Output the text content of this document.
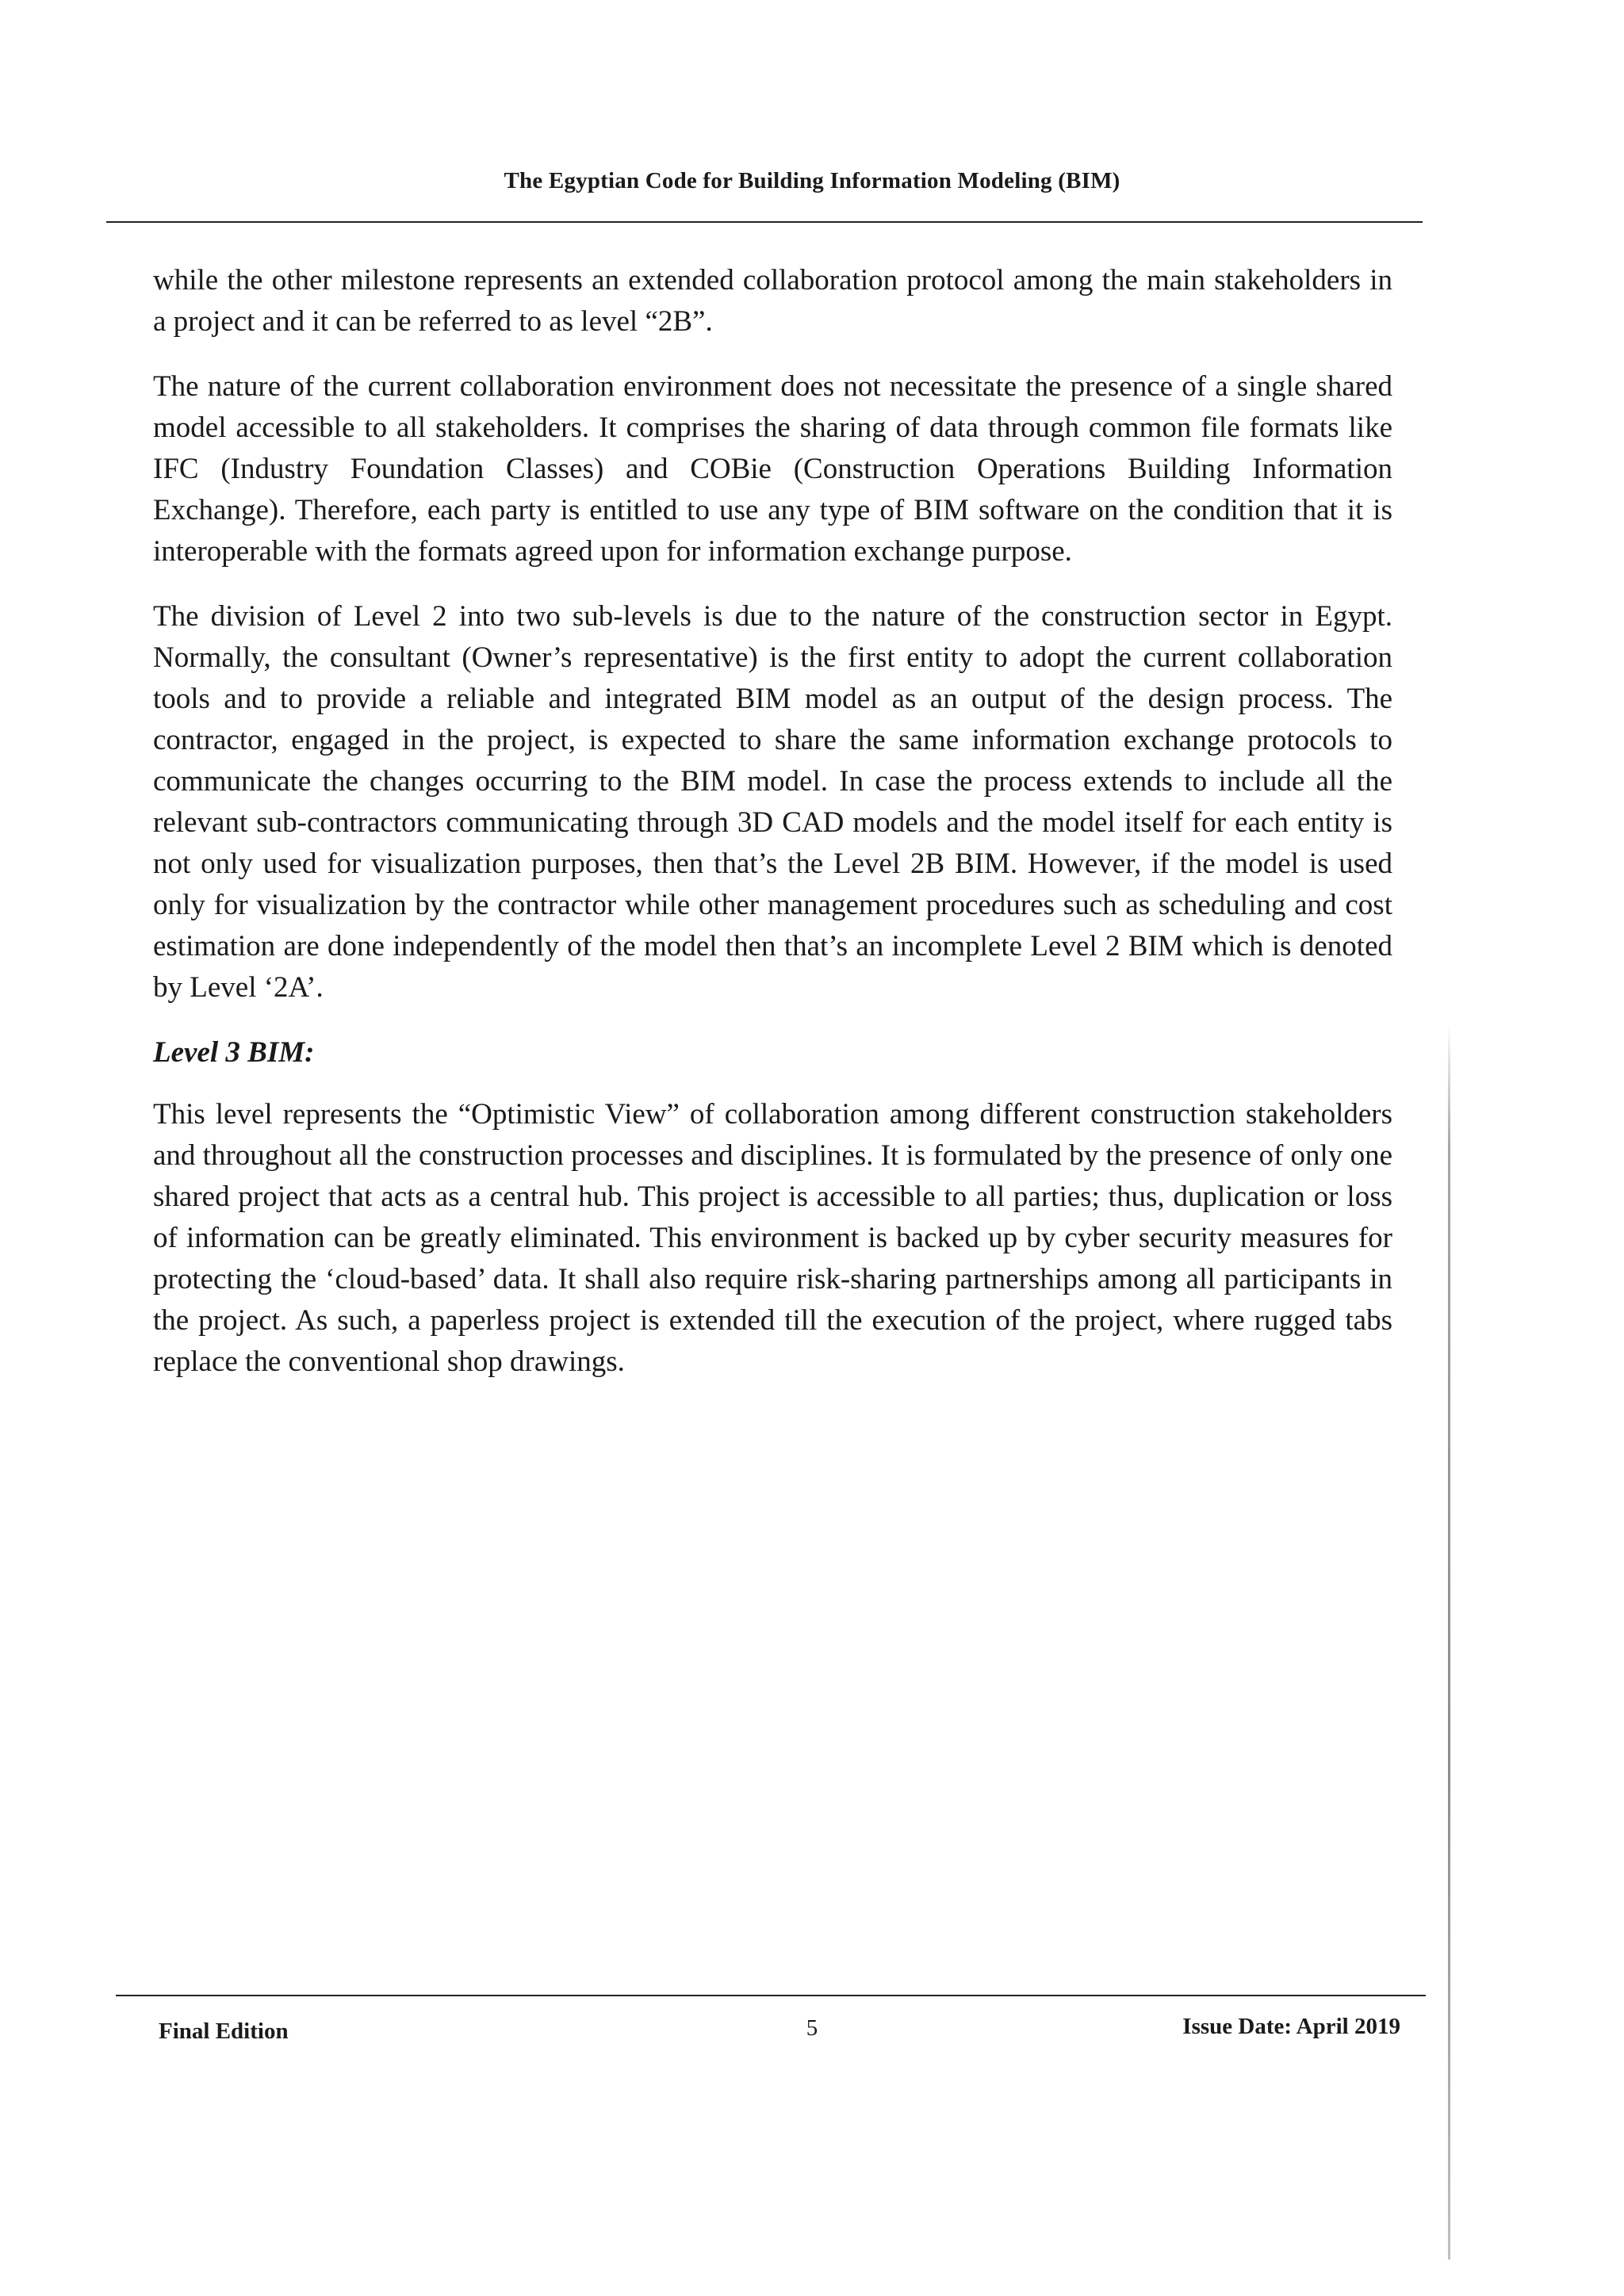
The Egyptian Code for Building Information Modeling (BIM)

while the other milestone represents an extended collaboration protocol among the main stakeholders in a project and it can be referred to as level “2B”.

The nature of the current collaboration environment does not necessitate the presence of a single shared model accessible to all stakeholders. It comprises the sharing of data through common file formats like IFC (Industry Foundation Classes) and COBie (Construction Operations Building Information Exchange). Therefore, each party is entitled to use any type of BIM software on the condition that it is interoperable with the formats agreed upon for information exchange purpose.

The division of Level 2 into two sub-levels is due to the nature of the construction sector in Egypt. Normally, the consultant (Owner’s representative) is the first entity to adopt the current collaboration tools and to provide a reliable and integrated BIM model as an output of the design process. The contractor, engaged in the project, is expected to share the same information exchange protocols to communicate the changes occurring to the BIM model. In case the process extends to include all the relevant sub-contractors communicating through 3D CAD models and the model itself for each entity is not only used for visualization purposes, then that’s the Level 2B BIM. However, if the model is used only for visualization by the contractor while other management procedures such as scheduling and cost estimation are done independently of the model then that’s an incomplete Level 2 BIM which is denoted by Level ‘2A’.

Level 3 BIM:

This level represents the “Optimistic View” of collaboration among different construction stakeholders and throughout all the construction processes and disciplines. It is formulated by the presence of only one shared project that acts as a central hub. This project is accessible to all parties; thus, duplication or loss of information can be greatly eliminated. This environment is backed up by cyber security measures for protecting the ‘cloud-based’ data. It shall also require risk-sharing partnerships among all participants in the project. As such, a paperless project is extended till the execution of the project, where rugged tabs replace the conventional shop drawings.

Final Edition	5	Issue Date: April 2019
